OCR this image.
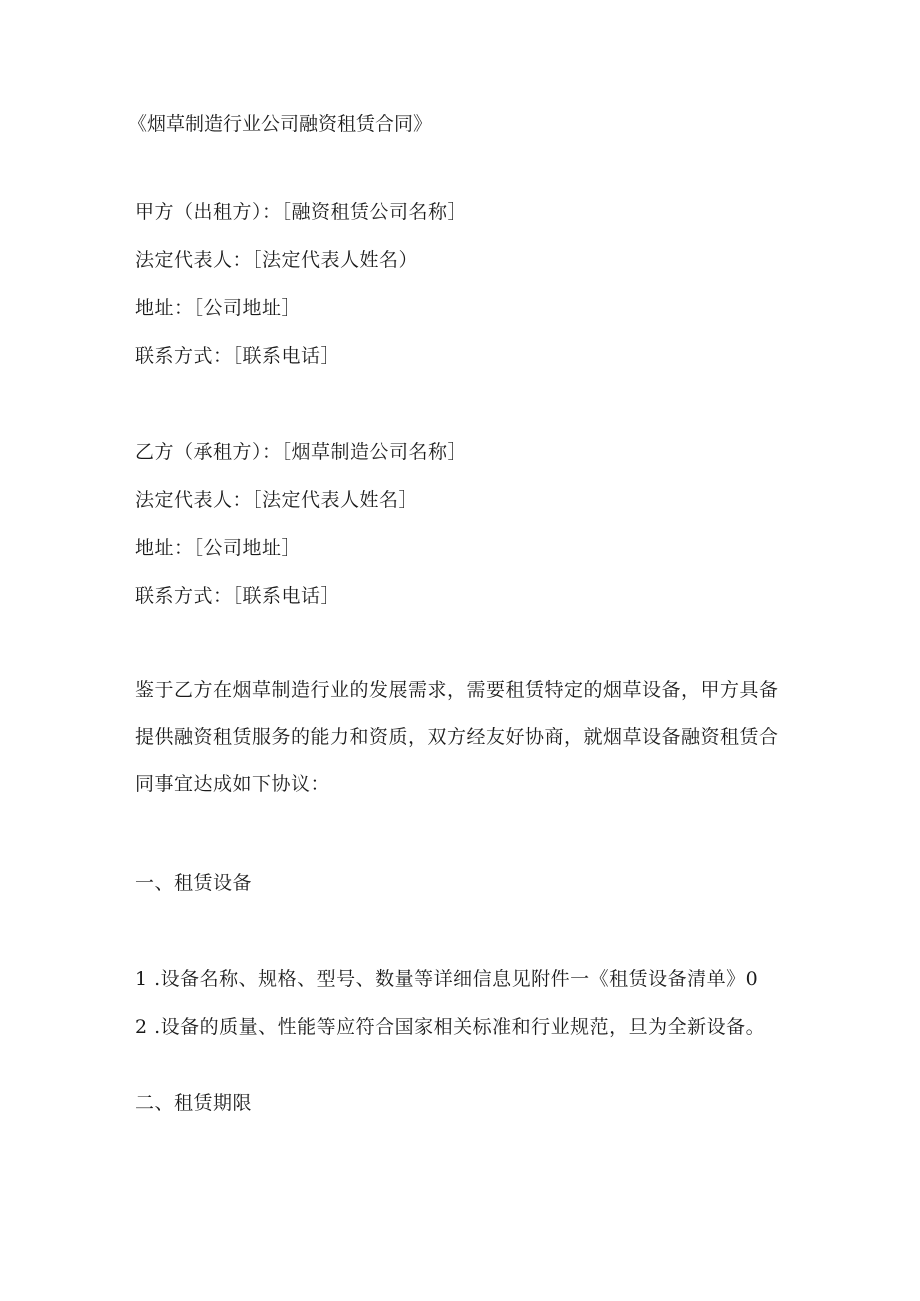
《烟草制造行业公司融资租赁合同》
甲方（出租方）：［融资租赁公司名称］
法定代表人：［法定代表人姓名）
地址：［公司地址］
联系方式：［联系电话］
乙方（承租方）：［烟草制造公司名称］
法定代表人：［法定代表人姓名］
地址：［公司地址］
联系方式：［联系电话］
鉴于乙方在烟草制造行业的发展需求，需要租赁特定的烟草设备，甲方具备提供融资租赁服务的能力和资质，双方经友好协商，就烟草设备融资租赁合同事宜达成如下协议：
一、租赁设备
1 .设备名称、规格、型号、数量等详细信息见附件一《租赁设备清单》0
2 .设备的质量、性能等应符合国家相关标准和行业规范，旦为全新设备。
二、租赁期限
